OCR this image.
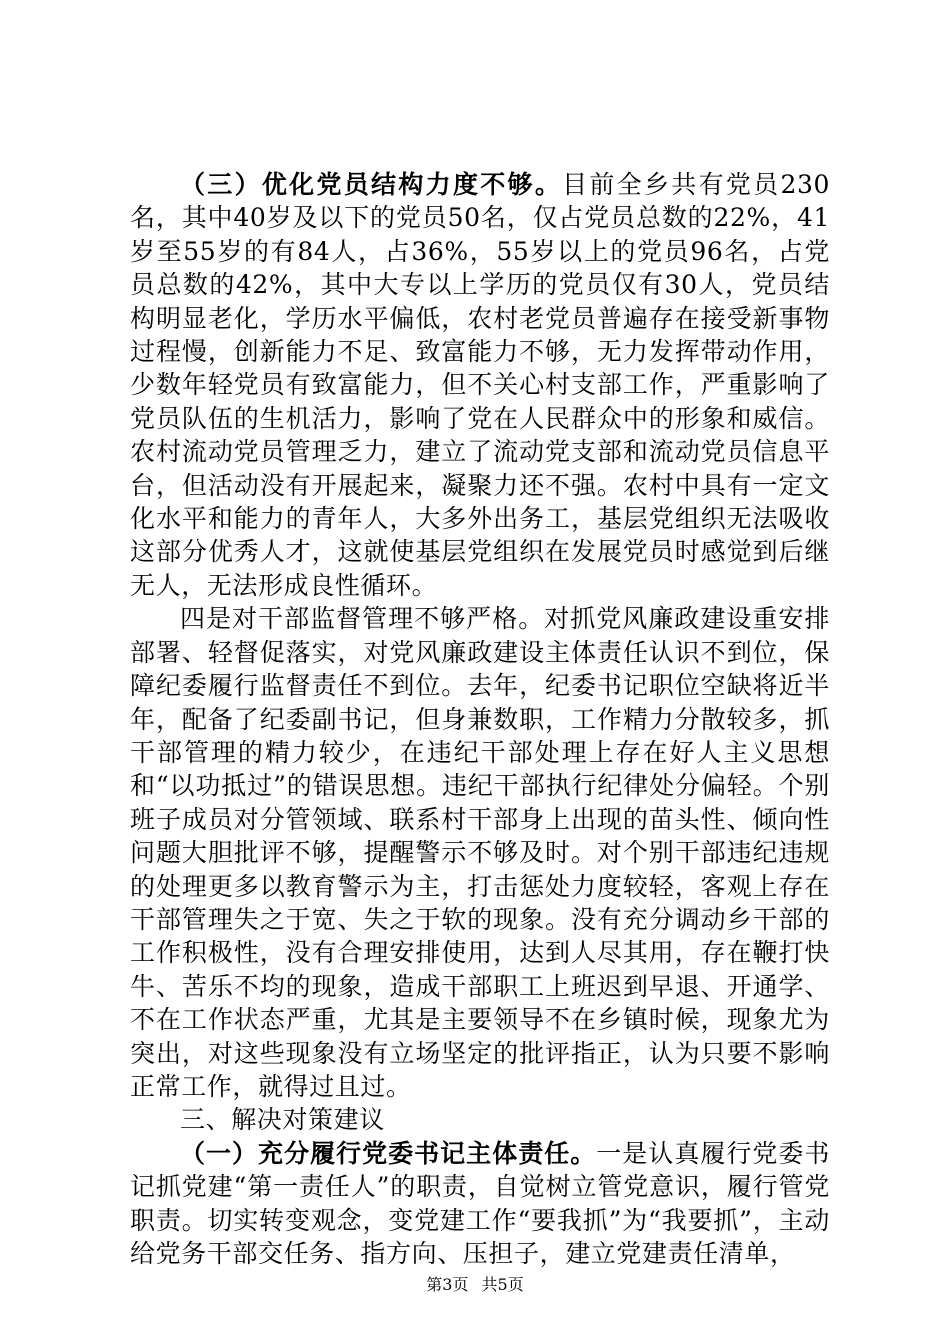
（三）优化党员结构力度不够。目前全乡共有党员230名，其中40岁及以下的党员50名，仅占党员总数的22%，41岁至55岁的有84人，占36%，55岁以上的党员96名，占党员总数的42%，其中大专以上学历的党员仅有30人，党员结构明显老化，学历水平偏低，农村老党员普遍存在接受新事物过程慢，创新能力不足、致富能力不够，无力发挥带动作用，少数年轻党员有致富能力，但不关心村支部工作，严重影响了党员队伍的生机活力，影响了党在人民群众中的形象和威信。农村流动党员管理乏力，建立了流动党支部和流动党员信息平台，但活动没有开展起来，凝聚力还不强。农村中具有一定文化水平和能力的青年人，大多外出务工，基层党组织无法吸收这部分优秀人才，这就使基层党组织在发展党员时感觉到后继无人，无法形成良性循环。

四是对干部监督管理不够严格。对抓党风廉政建设重安排部署、轻督促落实，对党风廉政建设主体责任认识不到位，保障纪委履行监督责任不到位。去年，纪委书记职位空缺将近半年，配备了纪委副书记，但身兼数职，工作精力分散较多，抓干部管理的精力较少，在违纪干部处理上存在好人主义思想和“以功抵过”的错误思想。违纪干部执行纪律处分偏轻。个别班子成员对分管领域、联系村干部身上出现的苗头性、倾向性问题大胆批评不够，提醒警示不够及时。对个别干部违纪违规的处理更多以教育警示为主，打击惩处力度较轻，客观上存在干部管理失之于宽、失之于软的现象。没有充分调动乡干部的工作积极性，没有合理安排使用，达到人尽其用，存在鞭打快牛、苦乐不均的现象，造成干部职工上班迟到早退、开通学、不在工作状态严重，尤其是主要领导不在乡镇时候，现象尤为突出，对这些现象没有立场坚定的批评指正，认为只要不影响正常工作，就得过且过。

三、解决对策建议

（一）充分履行党委书记主体责任。一是认真履行党委书记抓党建“第一责任人”的职责，自觉树立管党意识，履行管党职责。切实转变观念，变党建工作“要我抓”为“我要抓”，主动给党务干部交任务、指方向、压担子，建立党建责任清单，

第3页 共5页
